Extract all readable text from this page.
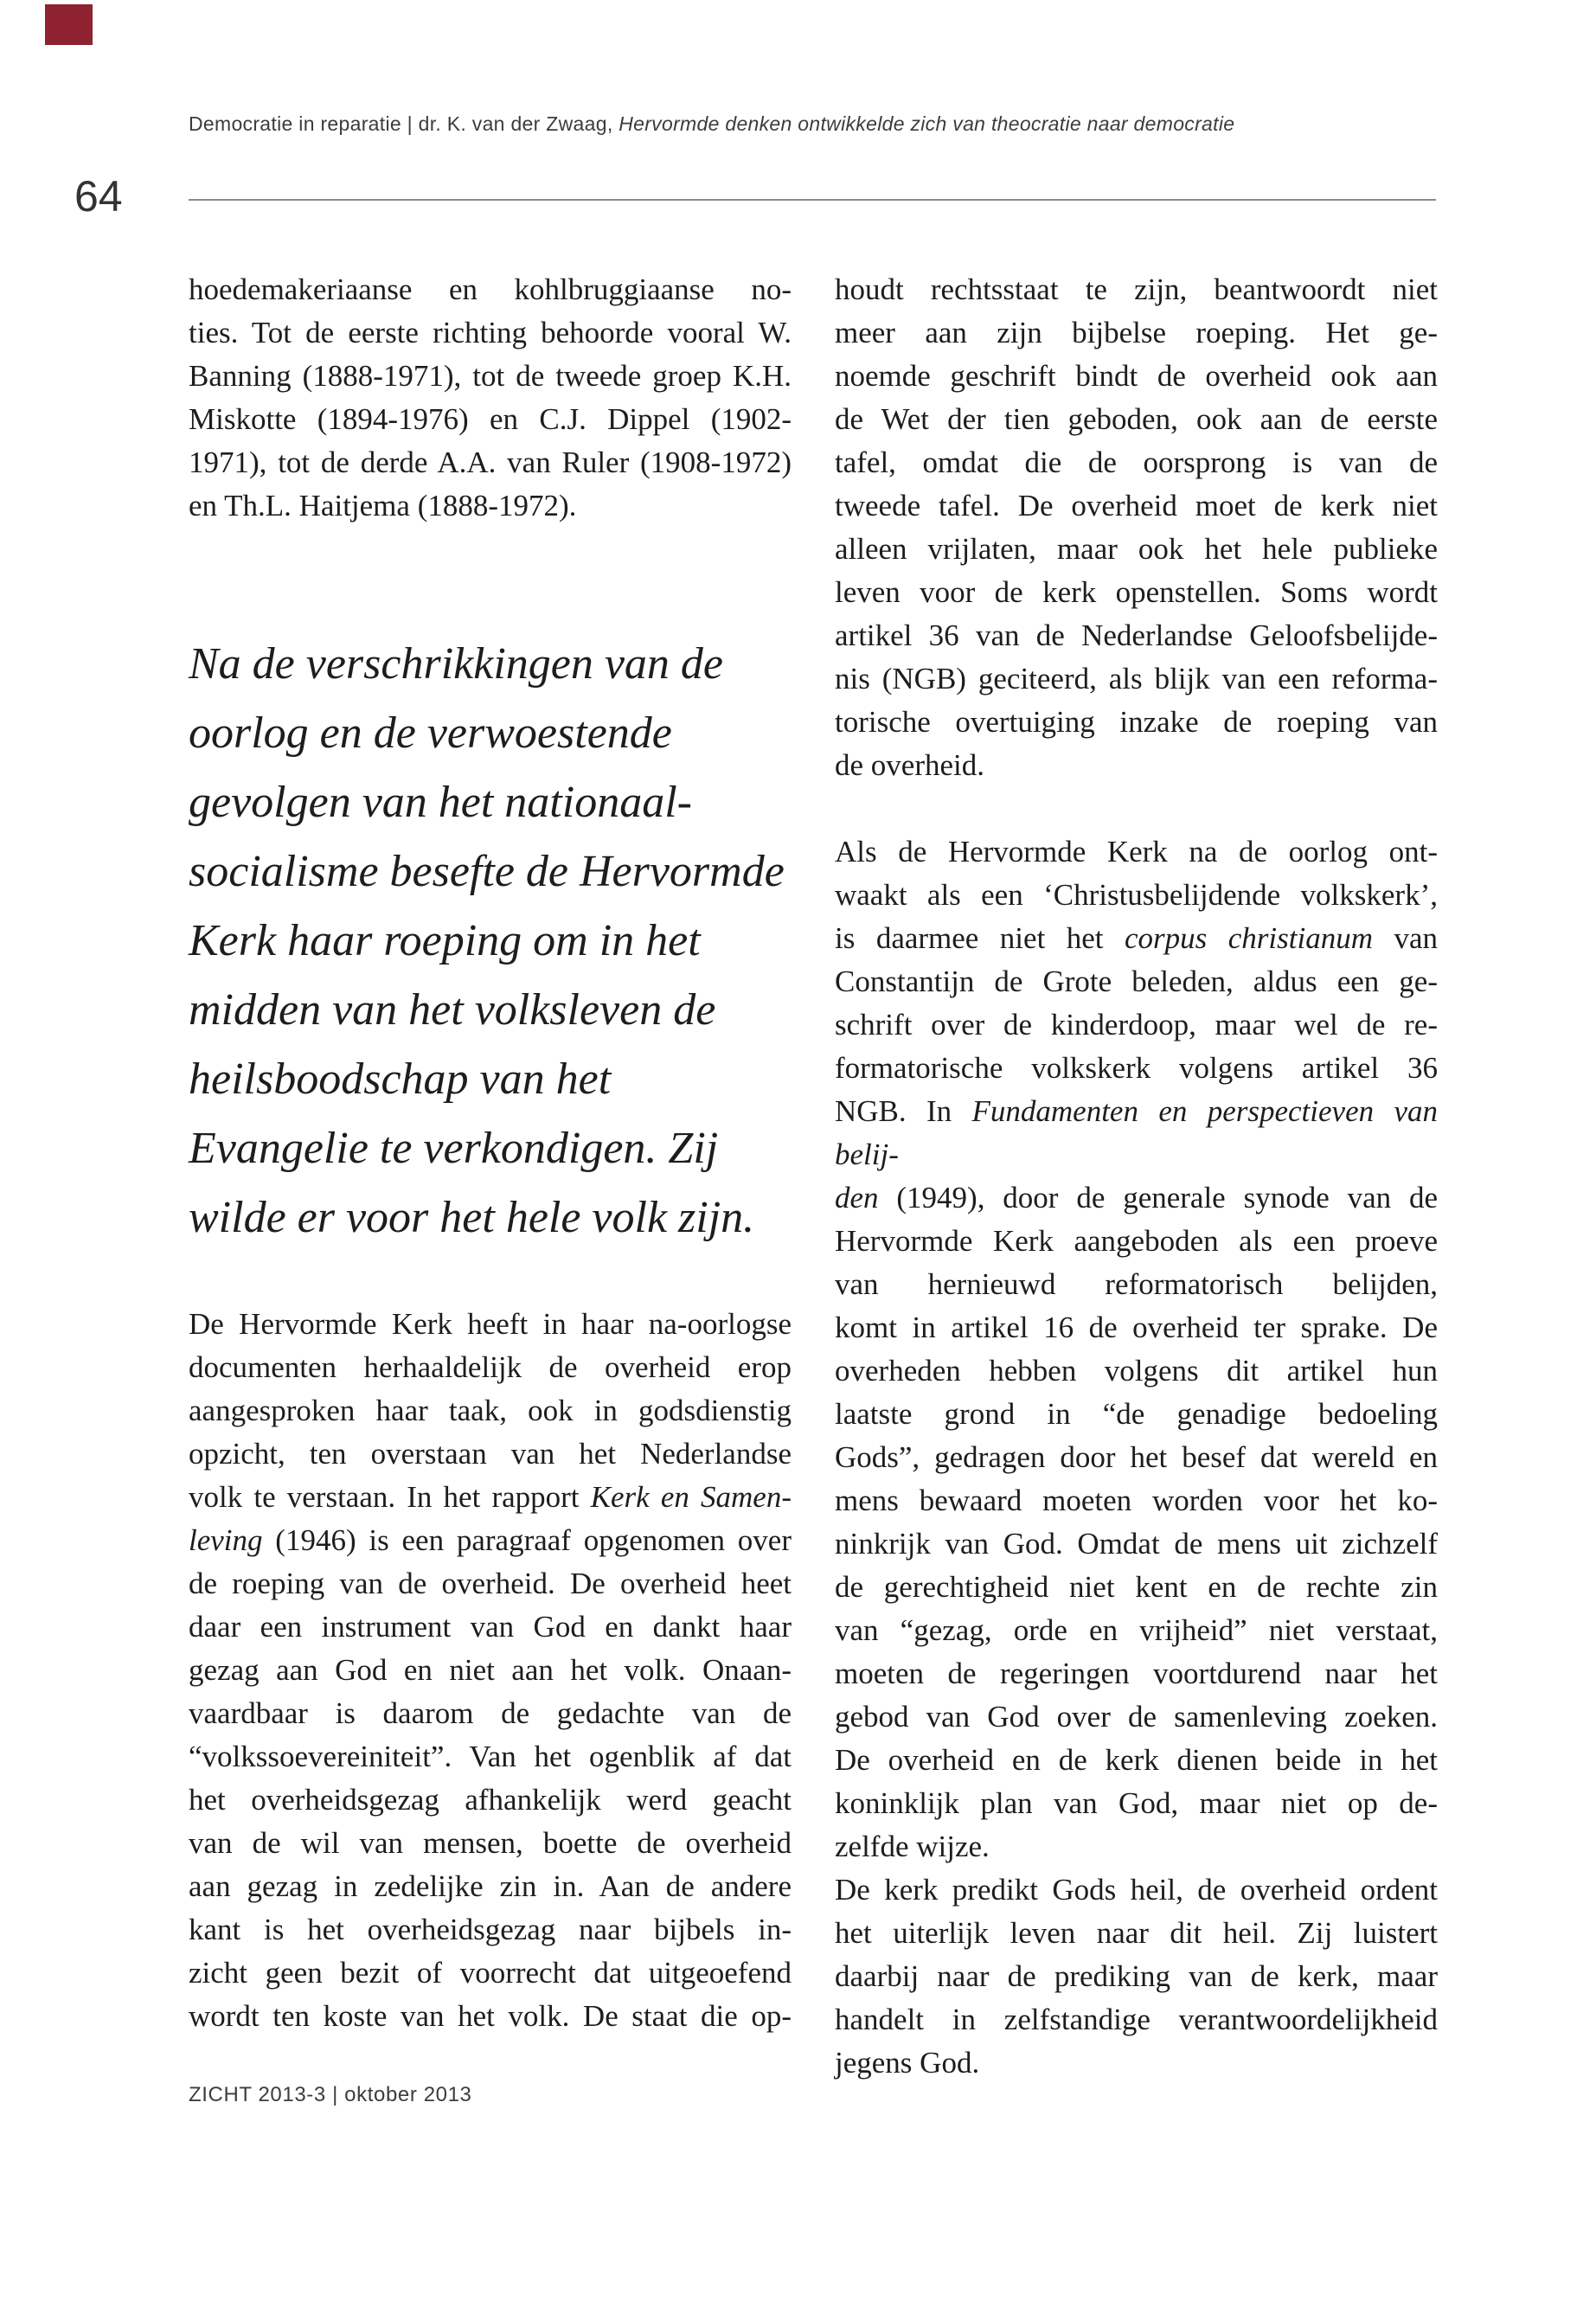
Democratie in reparatie | dr. K. van der Zwaag, Hervormde denken ontwikkelde zich van theocratie naar democratie
64
hoedemakeriaanse en kohlbruggiaanse no-
ties. Tot de eerste richting behoorde vooral W.
Banning (1888-1971), tot de tweede groep K.H.
Miskotte (1894-1976) en C.J. Dippel (1902-
1971), tot de derde A.A. van Ruler (1908-1972)
en Th.L. Haitjema (1888-1972).
Na de verschrikkingen van de
oorlog en de verwoestende
gevolgen van het nationaal-
socialisme besefte de Hervormde
Kerk haar roeping om in het
midden van het volksleven de
heilsboodschap van het
Evangelie te verkondigen. Zij
wilde er voor het hele volk zijn.
De Hervormde Kerk heeft in haar na-oorlogse
documenten herhaaldelijk de overheid erop
aangesproken haar taak, ook in godsdienstig
opzicht, ten overstaan van het Nederlandse
volk te verstaan. In het rapport Kerk en Samen-
leving (1946) is een paragraaf opgenomen over
de roeping van de overheid. De overheid heet
daar een instrument van God en dankt haar
gezag aan God en niet aan het volk. Onaan-
vaardbaar is daarom de gedachte van de
“volkssoevereiniteit”. Van het ogenblik af dat
het overheidsgezag afhankelijk werd geacht
van de wil van mensen, boette de overheid
aan gezag in zedelijke zin in. Aan de andere
kant is het overheidsgezag naar bijbels in-
zicht geen bezit of voorrecht dat uitgeoefend
wordt ten koste van het volk. De staat die op-
houdt rechtsstaat te zijn, beantwoordt niet
meer aan zijn bijbelse roeping. Het ge-
noemde geschrift bindt de overheid ook aan
de Wet der tien geboden, ook aan de eerste
tafel, omdat die de oorsprong is van de
tweede tafel. De overheid moet de kerk niet
alleen vrijlaten, maar ook het hele publieke
leven voor de kerk openstellen. Soms wordt
artikel 36 van de Nederlandse Geloofsbelijde-
nis (NGB) geciteerd, als blijk van een reforma-
torische overtuiging inzake de roeping van
de overheid.
Als de Hervormde Kerk na de oorlog ont-
waakt als een ‘Christusbelijdende volkskerk’,
is daarmee niet het corpus christianum van
Constantijn de Grote beleden, aldus een ge-
schrift over de kinderdoop, maar wel de re-
formatorische volkskerk volgens artikel 36
NGB. In Fundamenten en perspectieven van belij-
den (1949), door de generale synode van de
Hervormde Kerk aangeboden als een proeve
van hernieuwd reformatorisch belijden,
komt in artikel 16 de overheid ter sprake. De
overheden hebben volgens dit artikel hun
laatste grond in “de genadige bedoeling
Gods”, gedragen door het besef dat wereld en
mens bewaard moeten worden voor het ko-
ninkrijk van God. Omdat de mens uit zichzelf
de gerechtigheid niet kent en de rechte zin
van “gezag, orde en vrijheid” niet verstaat,
moeten de regeringen voortdurend naar het
gebod van God over de samenleving zoeken.
De overheid en de kerk dienen beide in het
koninklijk plan van God, maar niet op de-
zelfde wijze.
De kerk predikt Gods heil, de overheid ordent
het uiterlijk leven naar dit heil. Zij luistert
daarbij naar de prediking van de kerk, maar
handelt in zelfstandige verantwoordelijkheid
jegens God.
ZICHT 2013-3 | oktober 2013
